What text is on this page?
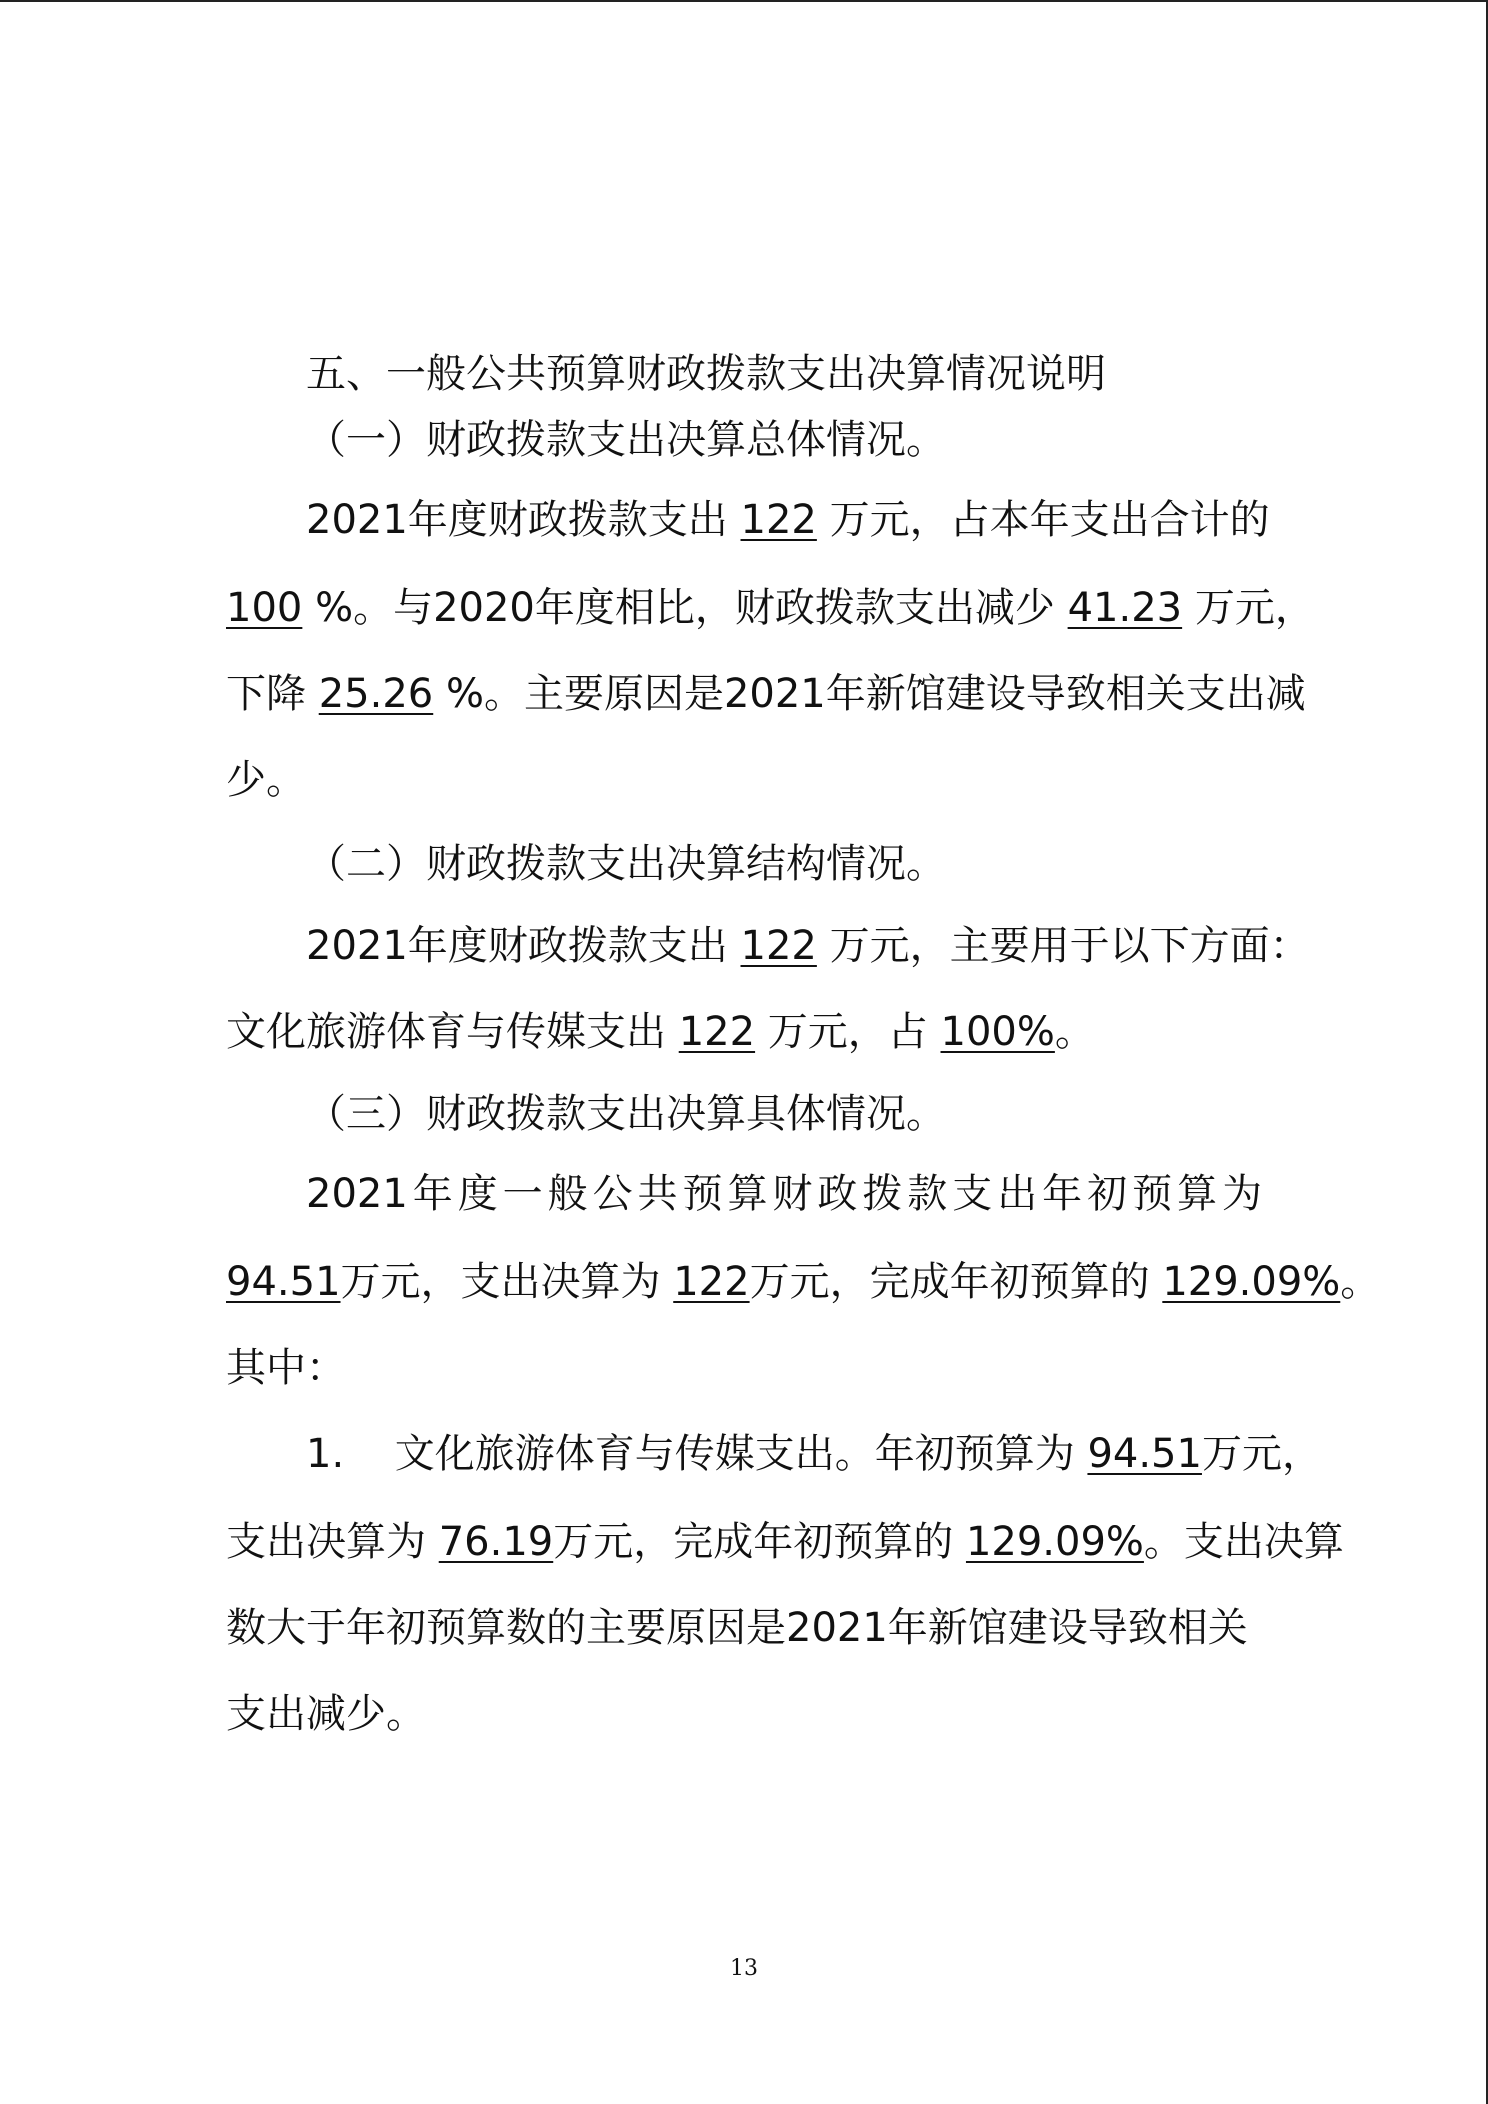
五、一般公共预算财政拨款支出决算情况说明
（一）财政拨款支出决算总体情况。
2021年度财政拨款支出 122 万元，占本年支出合计的
100 %。与2020年度相比，财政拨款支出减少 41.23 万元，
下降 25.26 %。主要原因是2021年新馆建设导致相关支出减
少。
（二）财政拨款支出决算结构情况。
2021年度财政拨款支出 122 万元，主要用于以下方面：
文化旅游体育与传媒支出 122 万元，占 100%。
（三）财政拨款支出决算具体情况。
2021年度一般公共预算财政拨款支出年初预算为
94.51万元，支出决算为 122万元，完成年初预算的 129.09%。
其中：
1. 文化旅游体育与传媒支出。年初预算为 94.51万元，
支出决算为 76.19万元，完成年初预算的 129.09%。支出决算
数大于年初预算数的主要原因是2021年新馆建设导致相关
支出减少。
13
